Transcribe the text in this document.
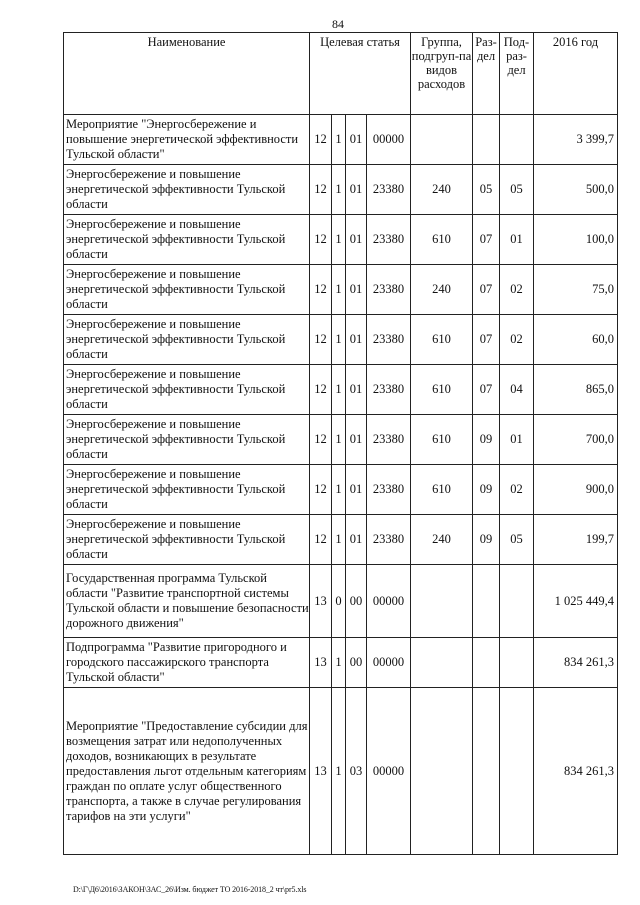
84
Наименование	Целевая статья				Группа, подгруп-па видов расходов	Раз-дел	Под-раз-дел	2016 год
Мероприятие "Энергосбережение и повышение энергетической эффективности Тульской области"	12	1	01	00000				3 399,7
Энергосбережение и повышение энергетической эффективности Тульской области	12	1	01	23380	240	05	05	500,0
Энергосбережение и повышение энергетической эффективности Тульской области	12	1	01	23380	610	07	01	100,0
Энергосбережение и повышение энергетической эффективности Тульской области	12	1	01	23380	240	07	02	75,0
Энергосбережение и повышение энергетической эффективности Тульской области	12	1	01	23380	610	07	02	60,0
Энергосбережение и повышение энергетической эффективности Тульской области	12	1	01	23380	610	07	04	865,0
Энергосбережение и повышение энергетической эффективности Тульской области	12	1	01	23380	610	09	01	700,0
Энергосбережение и повышение энергетической эффективности Тульской области	12	1	01	23380	610	09	02	900,0
Энергосбережение и повышение энергетической эффективности Тульской области	12	1	01	23380	240	09	05	199,7
Государственная программа Тульской области "Развитие транспортной системы Тульской области и повышение безопасности дорожного движения"	13	0	00	00000				1 025 449,4
Подпрограмма "Развитие пригородного и городского пассажирского транспорта Тульской области"	13	1	00	00000				834 261,3
Мероприятие "Предоставление субсидии для возмещения затрат или недополученных доходов, возникающих в результате предоставления льгот отдельным категориям граждан по оплате услуг общественного транспорта, а также в случае регулирования тарифов на эти услуги"	13	1	03	00000				834 261,3
D:\Г\Д6\2016\ЗАКОН\ЗАС_26\Изм. бюджет ТО 2016-2018_2 чт\pr5.xls
